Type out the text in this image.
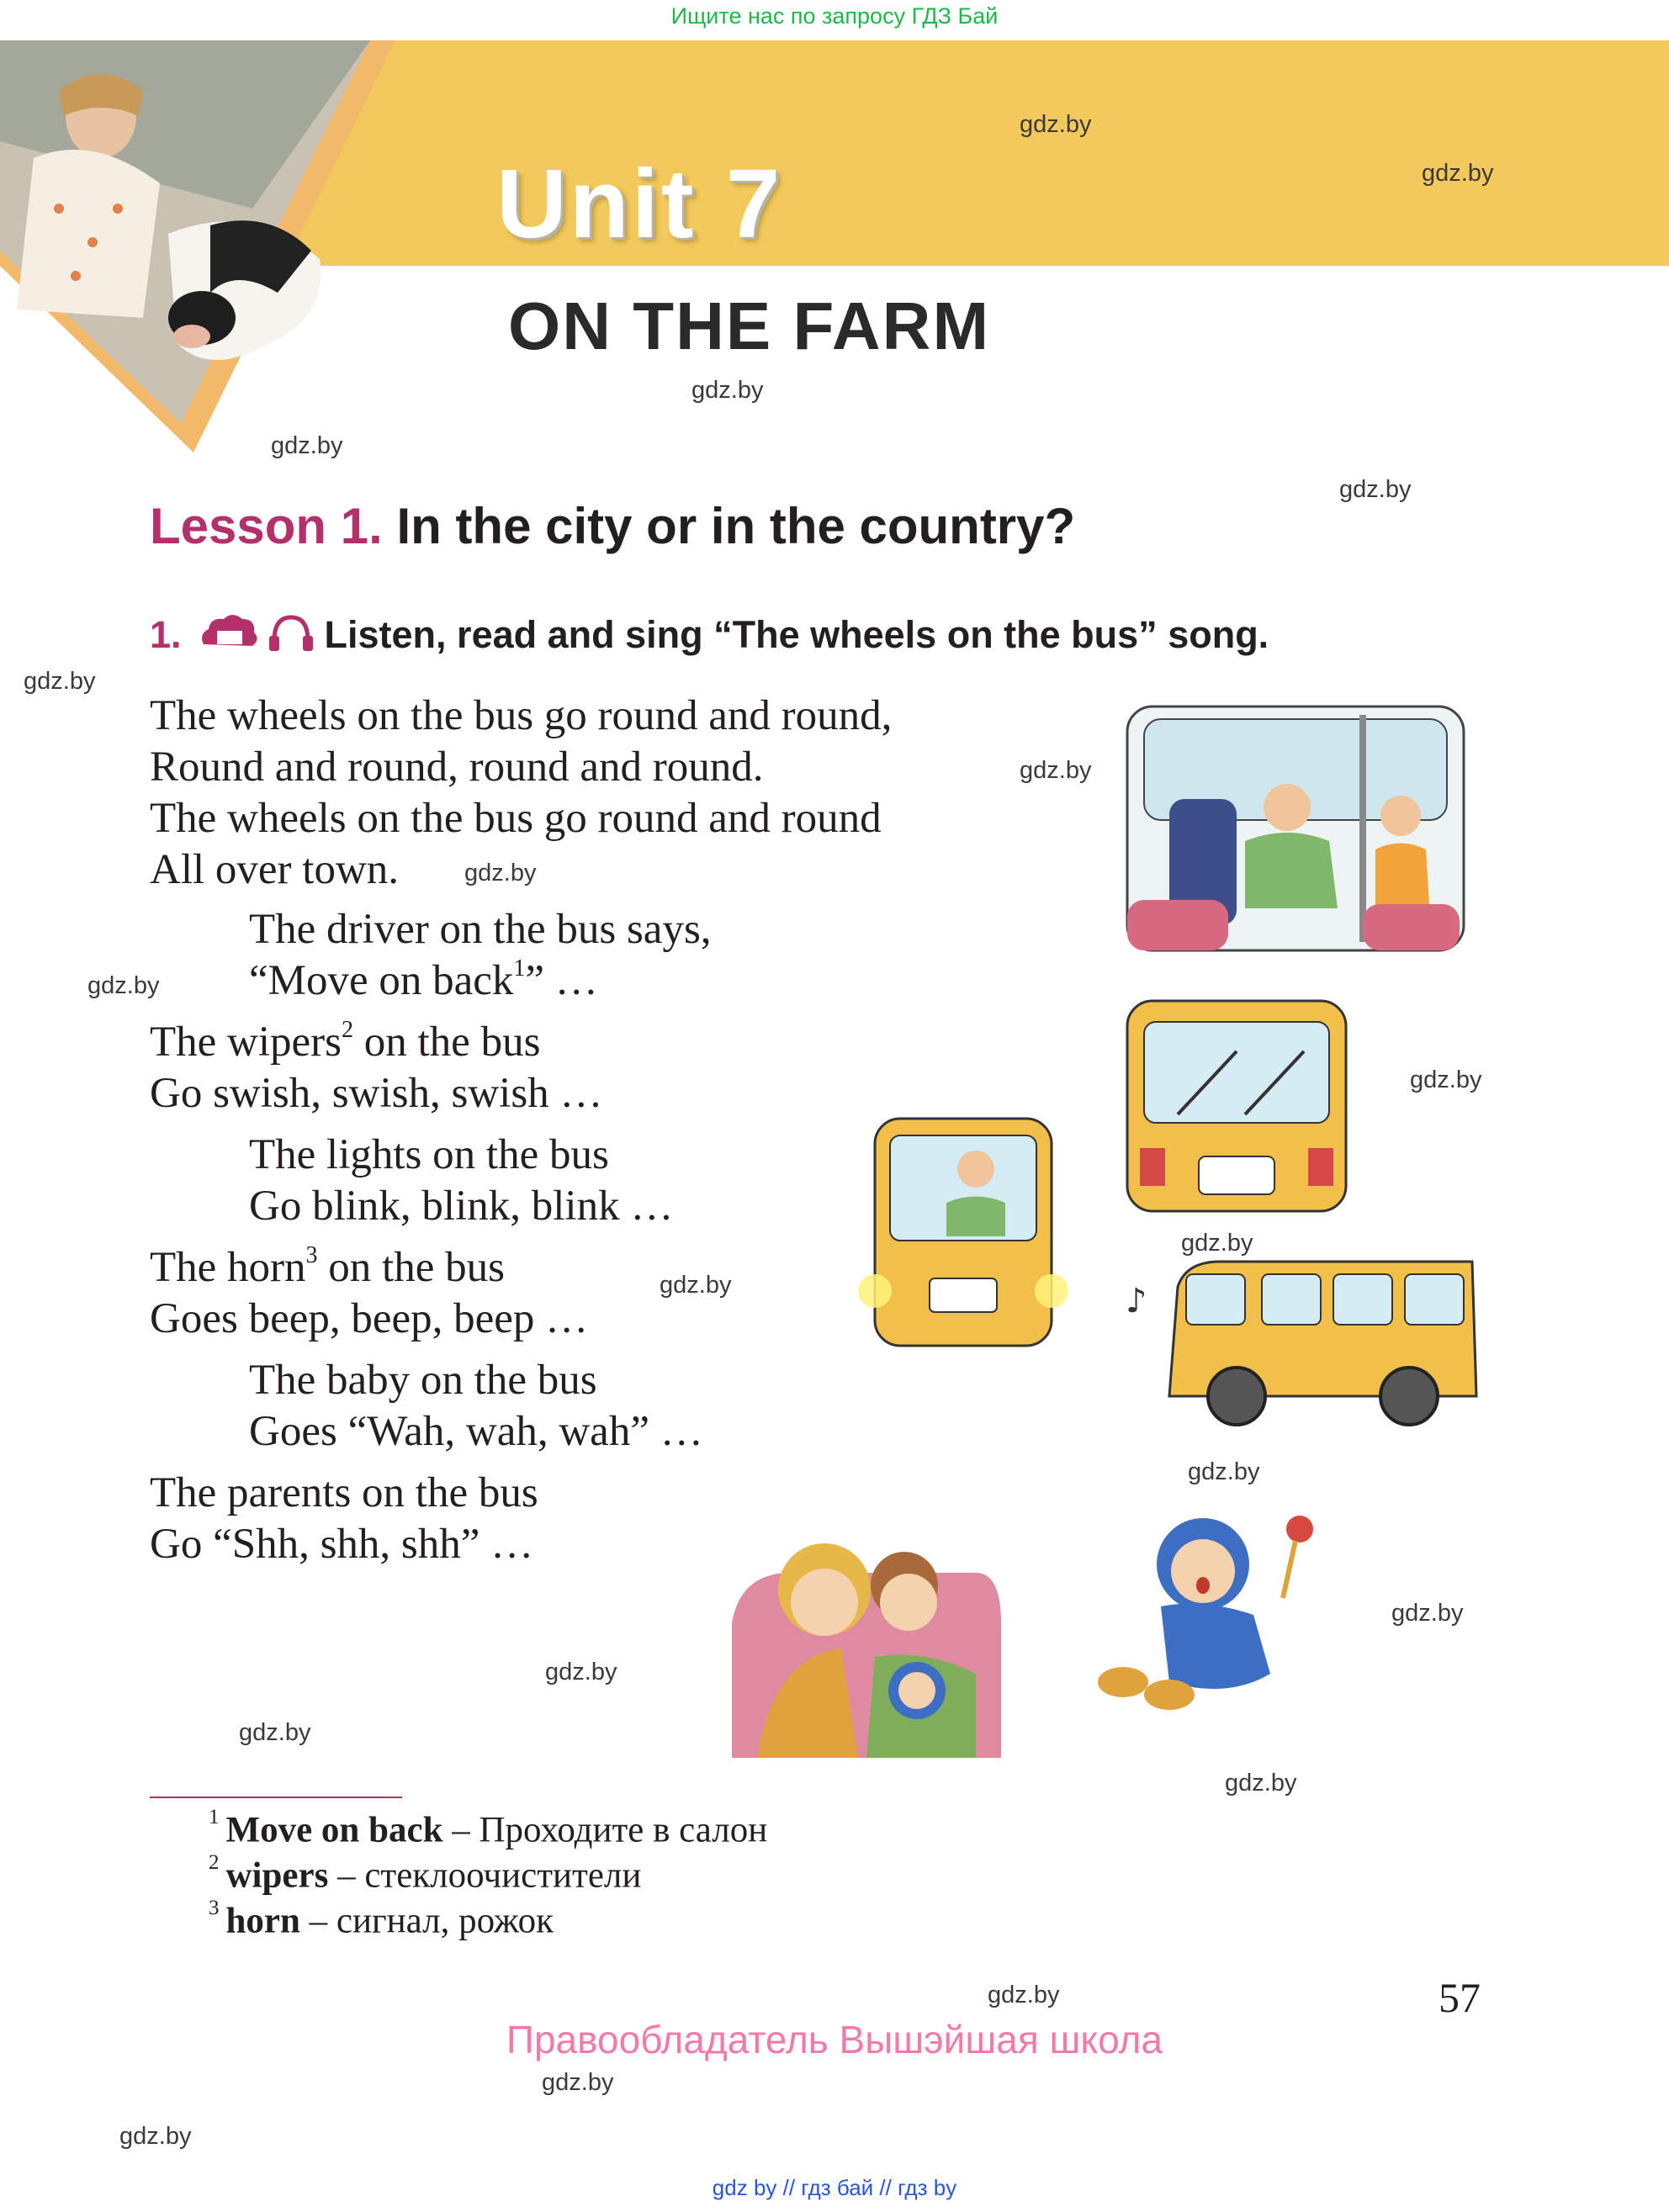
Ищите нас по запросу ГДЗ Бай
Unit 7
ON THE FARM
Lesson 1. In the city or in the country?
1.	Listen, read and sing “The wheels on the bus” song.
The wheels on the bus go round and round,
Round and round, round and round.
The wheels on the bus go round and round
All over town.
The driver on the bus says,
“Move on back$^1$” …
The wipers$^2$ on the bus
Go swish, swish, swish …
The lights on the bus
Go blink, blink, blink …
The horn$^3$ on the bus
Goes beep, beep, beep …
The baby on the bus
Goes “Wah, wah, wah” …
The parents on the bus
Go “Shh, shh, shh” …
♪
gdz.by
gdz.by
gdz.by
gdz.by
gdz.by
gdz.by
gdz.by
gdz.by
gdz.by
gdz.by
gdz.by
gdz.by
gdz.by
gdz.by
gdz.by
gdz.by
gdz.by
gdz.by
gdz.by
gdz.by
$^1$ Move on back – Проходите в салон
$^2$ wipers – стеклоочистители
$^3$ horn – сигнал, рожок
57
Правообладатель Вышэйшая школа
gdz by // гдз бай // гдз by
